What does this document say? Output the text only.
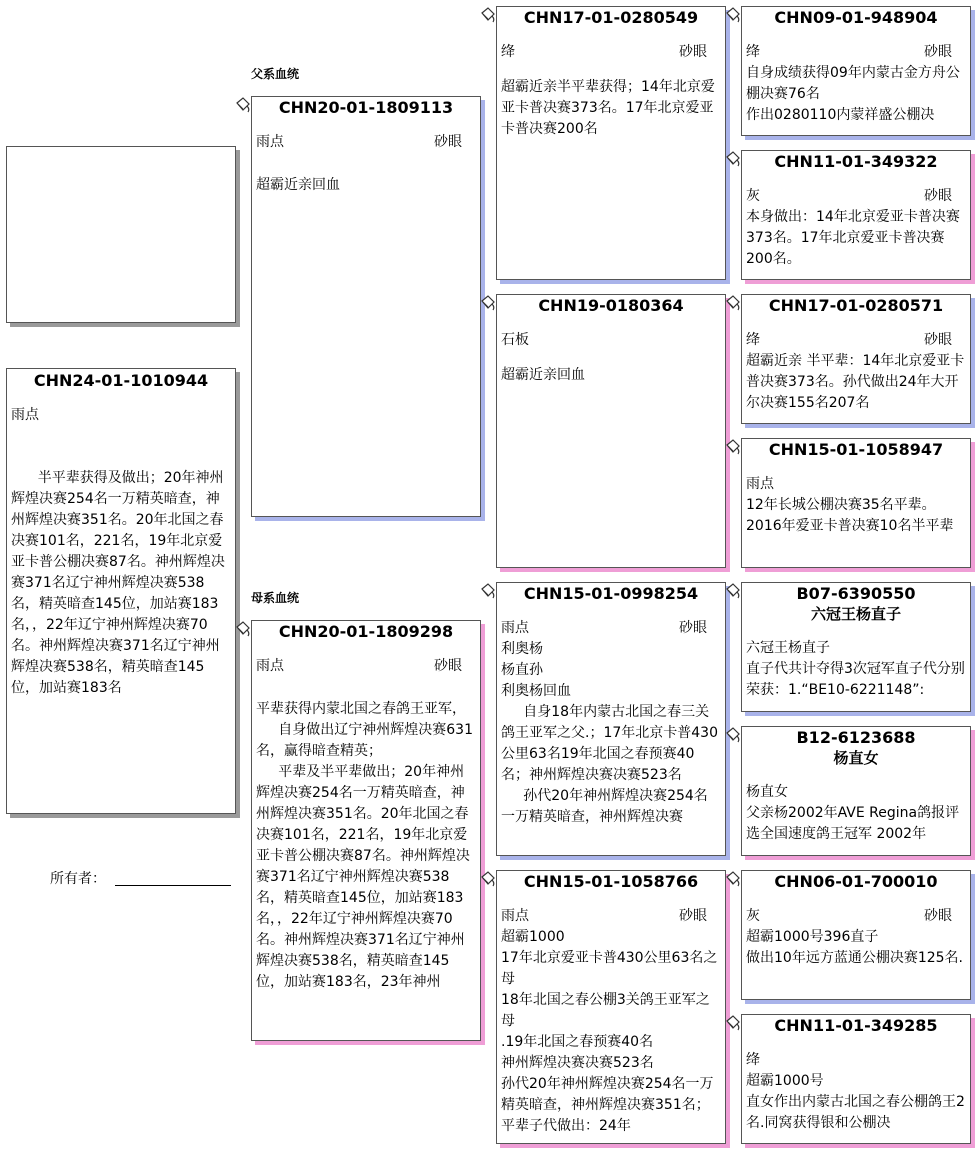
父系血统
母系血统
CHN24-01-1010944
雨点
半平辈获得及做出；20年神州辉煌决赛254名一万精英暗查，神州辉煌决赛351名。20年北国之春决赛101名，221名，19年北京爱亚卡普公棚决赛87名。神州辉煌决赛371名辽宁神州辉煌决赛538名，精英暗查145位，加站赛183名，，22年辽宁神州辉煌决赛70名。神州辉煌决赛371名辽宁神州辉煌决赛538名，精英暗查145位，加站赛183名
CHN20-01-1809113
雨点	砂眼
超霸近亲回血
CHN20-01-1809298
雨点	砂眼
平辈获得内蒙北国之春鸽王亚军，
自身做出辽宁神州辉煌决赛631名，赢得暗查精英；
平辈及半平辈做出；20年神州辉煌决赛254名一万精英暗查，神州辉煌决赛351名。20年北国之春决赛101名，221名，19年北京爱亚卡普公棚决赛87名。神州辉煌决赛371名辽宁神州辉煌决赛538名，精英暗查145位，加站赛183名，，22年辽宁神州辉煌决赛70名。神州辉煌决赛371名辽宁神州辉煌决赛538名，精英暗查145位，加站赛183名，23年神州
CHN17-01-0280549
绛	砂眼
超霸近亲半平辈获得；14年北京爱亚卡普决赛373名。17年北京爱亚卡普决赛200名
CHN19-0180364
石板
超霸近亲回血
CHN15-01-0998254
雨点	砂眼
利奥杨
杨直孙
利奥杨回血
自身18年内蒙古北国之春三关鸽王亚军之父.；17年北京卡普430公里63名19年北国之春预赛40名；神州辉煌决赛决赛523名
孙代20年神州辉煌决赛254名一万精英暗查，神州辉煌决赛
CHN15-01-1058766
雨点	砂眼
超霸1000
17年北京爱亚卡普430公里63名之母
18年北国之春公棚3关鸽王亚军之母
.19年北国之春预赛40名
神州辉煌决赛决赛523名
孙代20年神州辉煌决赛254名一万精英暗查，神州辉煌决赛351名；平辈子代做出：24年
CHN09-01-948904
绛	砂眼
自身成绩获得09年内蒙古金方舟公棚决赛76名
作出0280110内蒙祥盛公棚决
CHN11-01-349322
灰	砂眼
本身做出：14年北京爱亚卡普决赛373名。17年北京爱亚卡普决赛200名。
CHN17-01-0280571
绛	砂眼
超霸近亲 半平辈：14年北京爱亚卡普决赛373名。孙代做出24年大开尔决赛155名207名
CHN15-01-1058947
雨点
12年长城公棚决赛35名平辈。
2016年爱亚卡普决赛10名半平辈
B07-6390550
六冠王杨直子
六冠王杨直子
直子代共计夺得3次冠军直子代分别荣获：1.“BE10-6221148”:
B12-6123688
杨直女
杨直女
父亲杨2002年AVE Regina鸽报评选全国速度鸽王冠军 2002年
CHN06-01-700010
灰	砂眼
超霸1000号396直子
做出10年远方蓝通公棚决赛125名.
CHN11-01-349285
绛
超霸1000号
直女作出内蒙古北国之春公棚鸽王2名.同窝获得银和公棚决
所有者：
